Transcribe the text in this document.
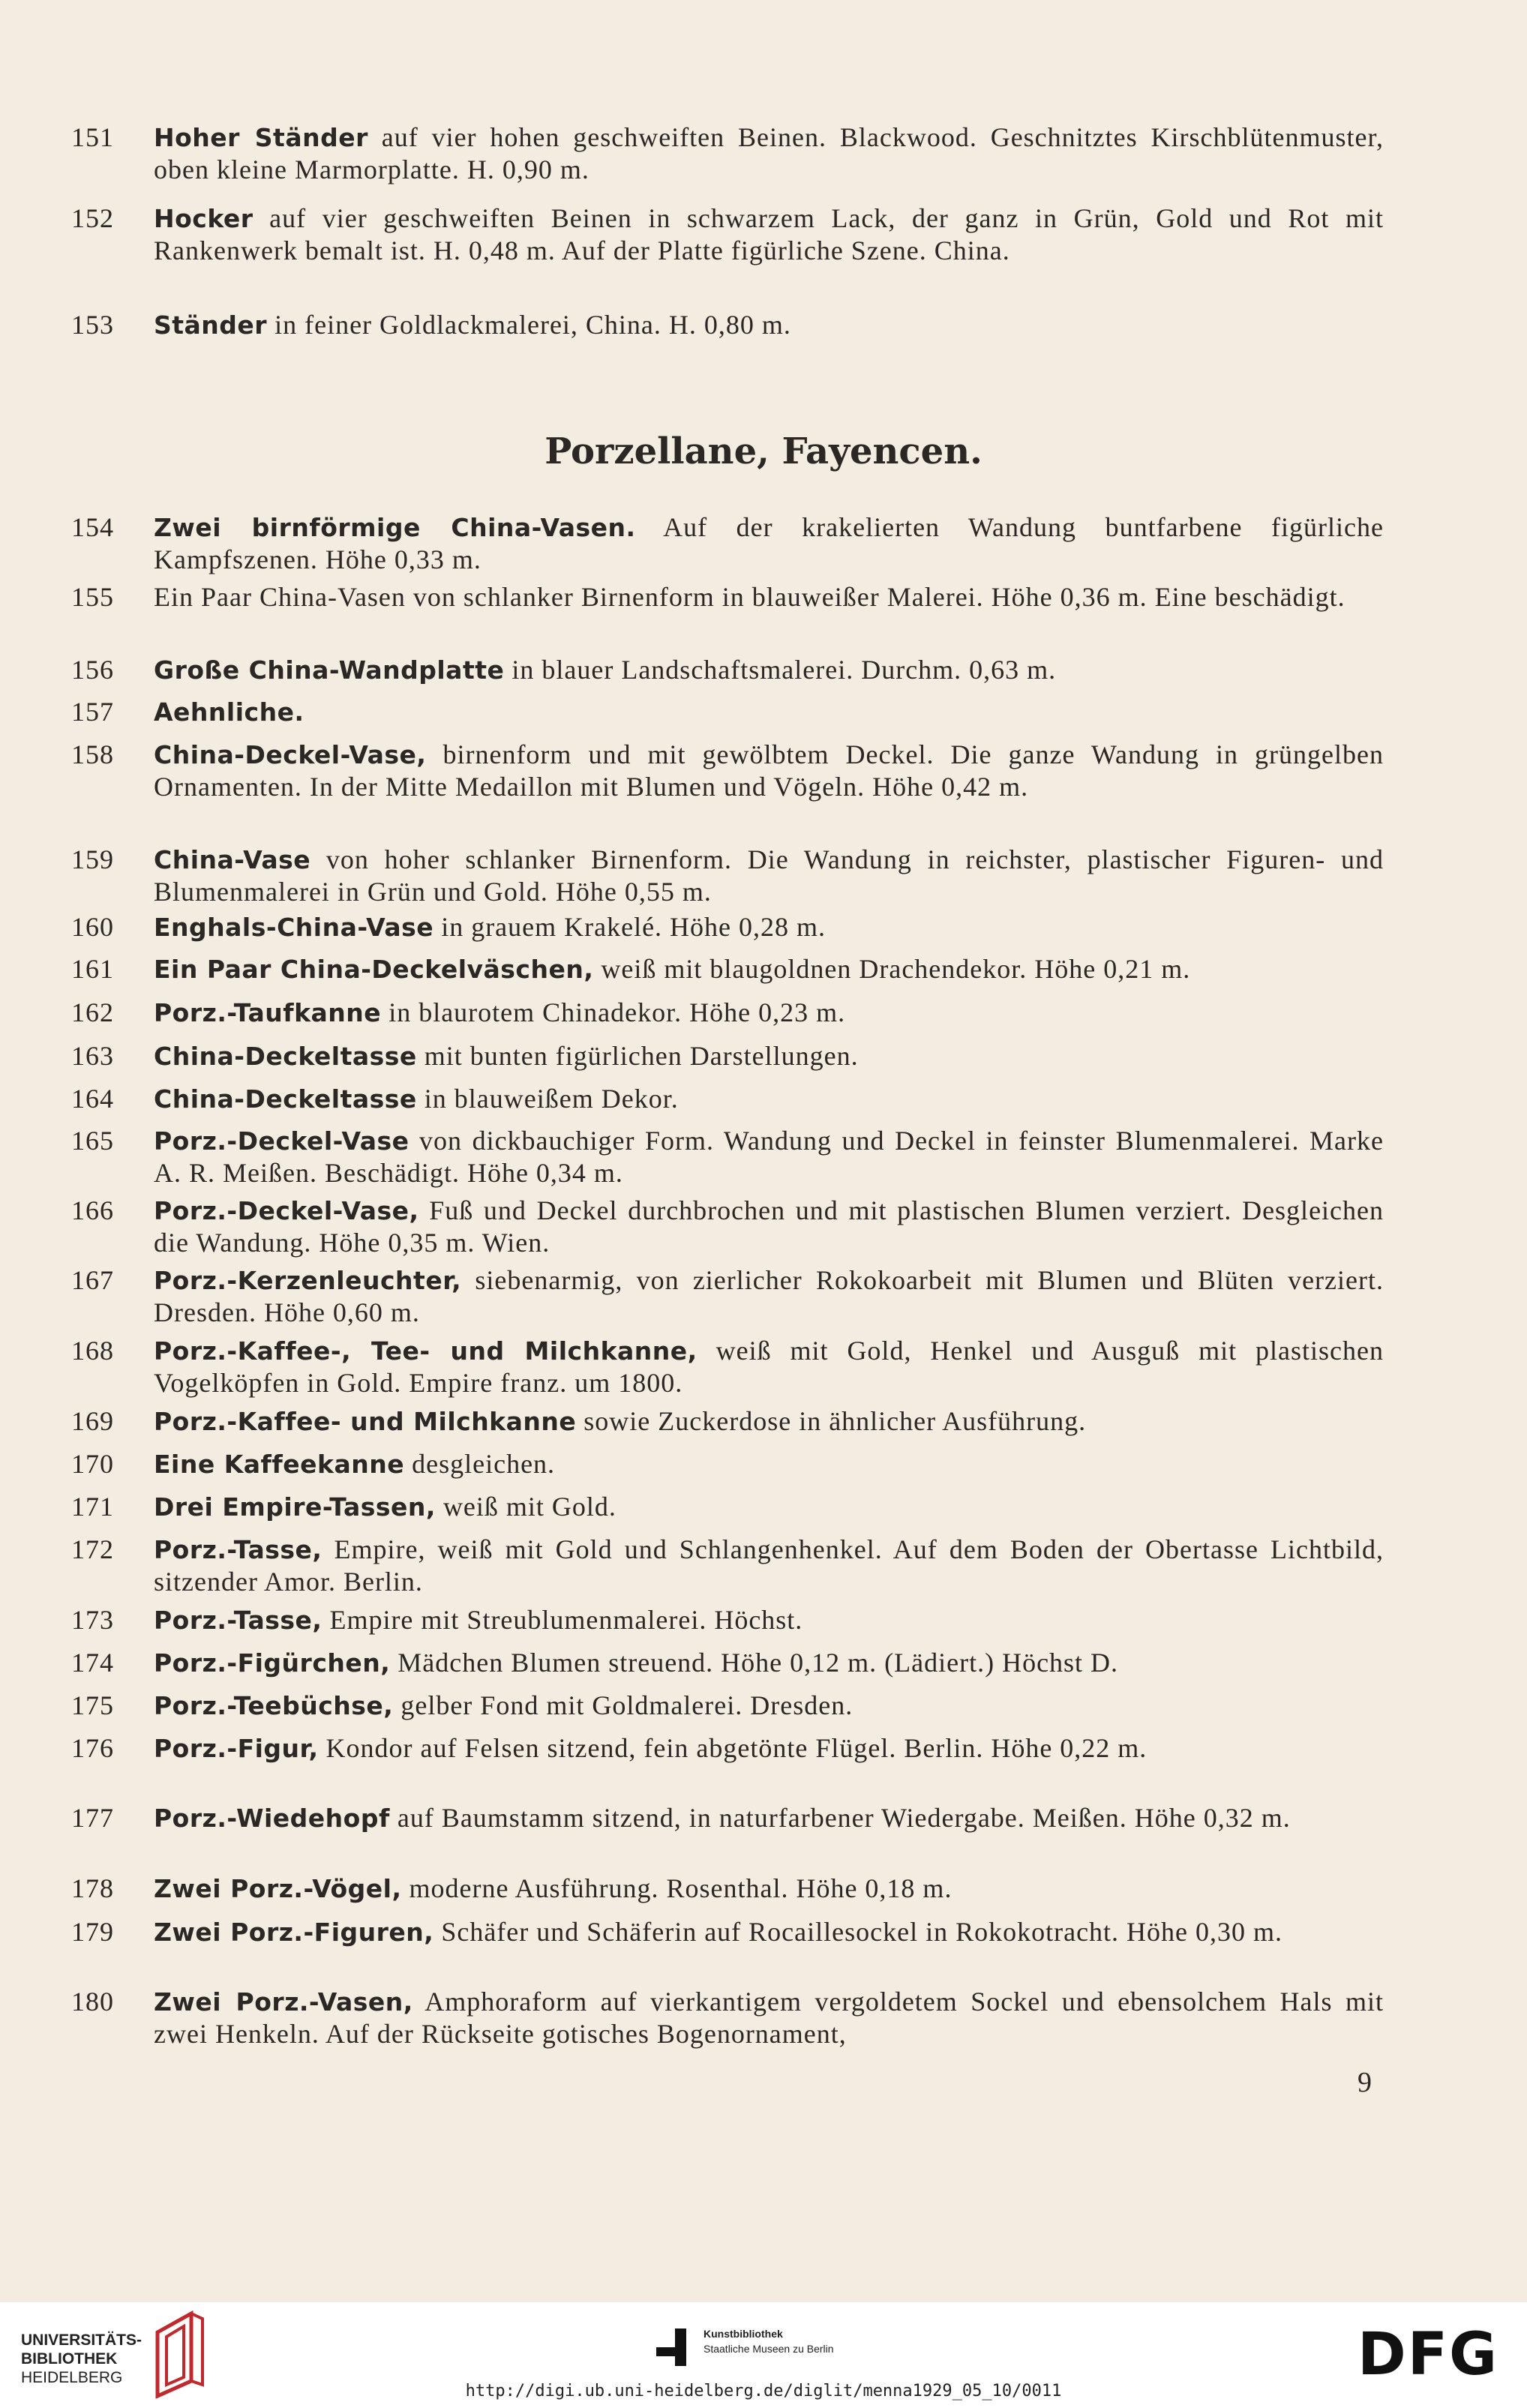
151	Hoher Ständer auf vier hohen geschweiften Beinen. Blackwood. Geschnitztes Kirschblütenmuster, oben kleine Marmorplatte. H. 0,90 m.
152	Hocker auf vier geschweiften Beinen in schwarzem Lack, der ganz in Grün, Gold und Rot mit Rankenwerk bemalt ist. H. 0,48 m. Auf der Platte figürliche Szene. China.
153	Ständer in feiner Goldlackmalerei, China. H. 0,80 m.
154	Zwei birnförmige China-Vasen. Auf der krakelierten Wandung buntfarbene figürliche Kampfszenen. Höhe 0,33 m.
155	Ein Paar China-Vasen von schlanker Birnenform in blauweißer Malerei. Höhe 0,36 m. Eine beschädigt.
156	Große China-Wandplatte in blauer Landschaftsmalerei. Durchm. 0,63 m.
157	Aehnliche.
158	China-Deckel-Vase, birnenform und mit gewölbtem Deckel. Die ganze Wandung in grüngelben Ornamenten. In der Mitte Medaillon mit Blumen und Vögeln. Höhe 0,42 m.
159	China-Vase von hoher schlanker Birnenform. Die Wandung in reichster, plastischer Figuren- und Blumenmalerei in Grün und Gold. Höhe 0,55 m.
160	Enghals-China-Vase in grauem Krakelé. Höhe 0,28 m.
161	Ein Paar China-Deckelväschen, weiß mit blaugoldnen Drachendekor. Höhe 0,21 m.
162	Porz.-Taufkanne in blaurotem Chinadekor. Höhe 0,23 m.
163	China-Deckeltasse mit bunten figürlichen Darstellungen.
164	China-Deckeltasse in blauweißem Dekor.
165	Porz.-Deckel-Vase von dickbauchiger Form. Wandung und Deckel in feinster Blumenmalerei. Marke A. R. Meißen. Beschädigt. Höhe 0,34 m.
166	Porz.-Deckel-Vase, Fuß und Deckel durchbrochen und mit plastischen Blumen verziert. Desgleichen die Wandung. Höhe 0,35 m. Wien.
167	Porz.-Kerzenleuchter, siebenarmig, von zierlicher Rokokoarbeit mit Blumen und Blüten verziert. Dresden. Höhe 0,60 m.
168	Porz.-Kaffee-, Tee- und Milchkanne, weiß mit Gold, Henkel und Ausguß mit plastischen Vogelköpfen in Gold. Empire franz. um 1800.
169	Porz.-Kaffee- und Milchkanne sowie Zuckerdose in ähnlicher Ausführung.
170	Eine Kaffeekanne desgleichen.
171	Drei Empire-Tassen, weiß mit Gold.
172	Porz.-Tasse, Empire, weiß mit Gold und Schlangenhenkel. Auf dem Boden der Obertasse Lichtbild, sitzender Amor. Berlin.
173	Porz.-Tasse, Empire mit Streublumenmalerei. Höchst.
174	Porz.-Figürchen, Mädchen Blumen streuend. Höhe 0,12 m. (Lädiert.) Höchst D.
175	Porz.-Teebüchse, gelber Fond mit Goldmalerei. Dresden.
176	Porz.-Figur, Kondor auf Felsen sitzend, fein abgetönte Flügel. Berlin. Höhe 0,22 m.
177	Porz.-Wiedehopf auf Baumstamm sitzend, in naturfarbener Wiedergabe. Meißen. Höhe 0,32 m.
178	Zwei Porz.-Vögel, moderne Ausführung. Rosenthal. Höhe 0,18 m.
179	Zwei Porz.-Figuren, Schäfer und Schäferin auf Rocaillesockel in Rokokotracht. Höhe 0,30 m.
180	Zwei Porz.-Vasen, Amphoraform auf vierkantigem vergoldetem Sockel und ebensolchem Hals mit zwei Henkeln. Auf der Rückseite gotisches Bogenornament,
Porzellane, Fayencen.
9
UNIVERSITÄTS-
BIBLIOTHEK
HEIDELBERG
Kunstbibliothek
Staatliche Museen zu Berlin	DFG
http://digi.ub.uni-heidelberg.de/diglit/menna1929_05_10/0011
